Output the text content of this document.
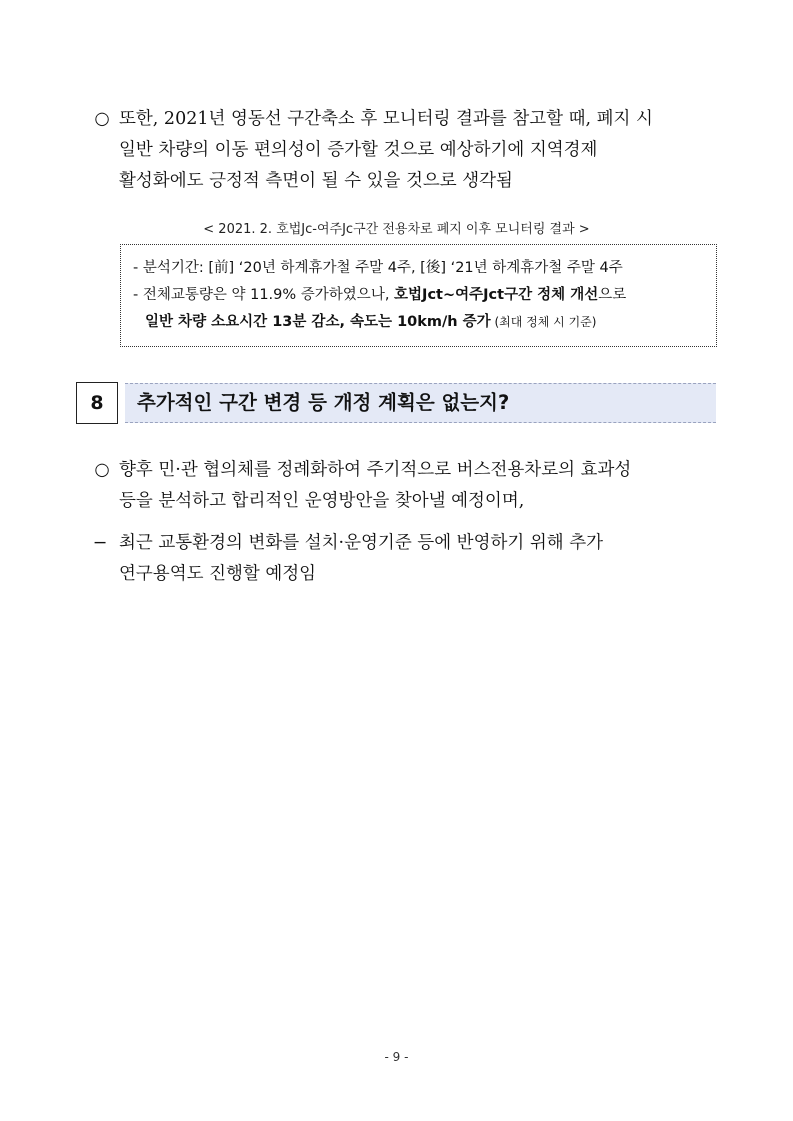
○ 또한, 2021년 영동선 구간축소 후 모니터링 결과를 참고할 때, 폐지 시
일반 차량의 이동 편의성이 증가할 것으로 예상하기에 지역경제
활성화에도 긍정적 측면이 될 수 있을 것으로 생각됨
< 2021. 2. 호법Jc-여주Jc구간 전용차로 폐지 이후 모니터링 결과 >
- 분석기간: [前] ‘20년 하계휴가철 주말 4주, [後] ‘21년 하계휴가철 주말 4주
- 전체교통량은 약 11.9% 증가하였으나, 호법Jct~여주Jct구간 정체 개선으로
일반 차량 소요시간 13분 감소, 속도는 10km/h 증가 (최대 정체 시 기준)
8	추가적인 구간 변경 등 개정 계획은 없는지?
○ 향후 민·관 협의체를 정례화하여 주기적으로 버스전용차로의 효과성
등을 분석하고 합리적인 운영방안을 찾아낼 예정이며,
− 최근 교통환경의 변화를 설치·운영기준 등에 반영하기 위해 추가
연구용역도 진행할 예정임
- 9 -
